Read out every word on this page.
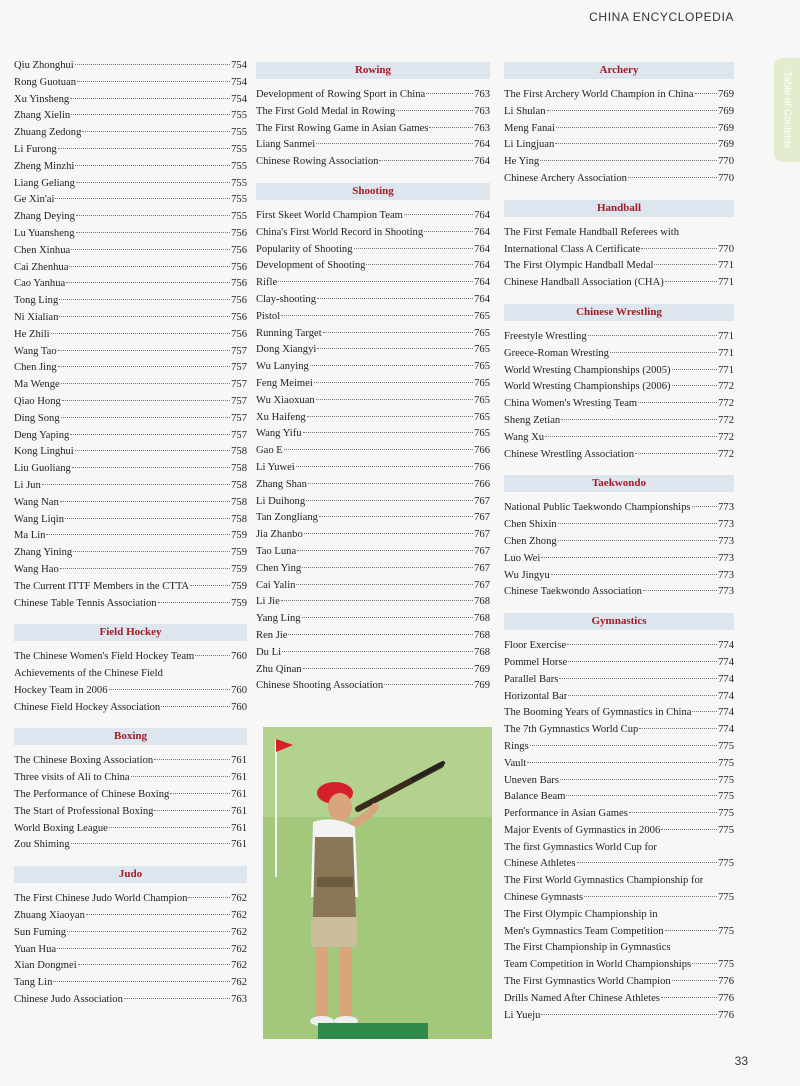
CHINA ENCYCLOPEDIA
Table of Contents
Qiu Zhonghui	754
Rong Guotuan	754
Xu Yinsheng	754
Zhang Xielin	755
Zhuang Zedong	755
Li Furong	755
Zheng Minzhi	755
Liang Geliang	755
Ge Xin'ai	755
Zhang Deying	755
Lu Yuansheng	756
Chen Xinhua	756
Cai Zhenhua	756
Cao Yanhua	756
Tong Ling	756
Ni Xialian	756
He Zhili	756
Wang Tao	757
Chen Jing	757
Ma Wenge	757
Qiao Hong	757
Ding Song	757
Deng Yaping	757
Kong Linghui	758
Liu Guoliang	758
Li Jun	758
Wang Nan	758
Wang Liqin	758
Ma Lin	759
Zhang Yining	759
Wang Hao	759
The Current ITTF Members in the CTTA	759
Chinese Table Tennis Association	759
Field Hockey
The Chinese Women's Field Hockey Team	760
Achievements of the Chinese Field
Hockey Team in 2006	760
Chinese Field Hockey Association	760
Boxing
The Chinese Boxing Association	761
Three visits of Ali to China	761
The Performance of Chinese Boxing	761
The Start of Professional Boxing	761
World Boxing League	761
Zou Shiming	761
Judo
The First Chinese Judo World Champion	762
Zhuang Xiaoyan	762
Sun Fuming	762
Yuan Hua	762
Xian Dongmei	762
Tang Lin	762
Chinese Judo Association	763
Rowing
Development of Rowing Sport in China	763
The First Gold Medal in Rowing	763
The First Rowing Game in Asian Games	763
Liang Sanmei	764
Chinese Rowing Association	764
Shooting
First Skeet World Champion Team	764
China's First World Record in Shooting	764
Popularity of Shooting	764
Development of Shooting	764
Rifle	764
Clay-shooting	764
Pistol	765
Running Target	765
Dong Xiangyi	765
Wu Lanying	765
Feng Meimei	765
Wu Xiaoxuan	765
Xu Haifeng	765
Wang Yifu	765
Gao E	766
Li Yuwei	766
Zhang Shan	766
Li Duihong	767
Tan Zongliang	767
Jia Zhanbo	767
Tao Luna	767
Chen Ying	767
Cai Yalin	767
Li Jie	768
Yang Ling	768
Ren Jie	768
Du Li	768
Zhu Qinan	769
Chinese Shooting Association	769
Archery
The First Archery World Champion in China 769
Li Shulan	769
Meng Fanai	769
Li Lingjuan	769
He Ying	770
Chinese Archery Association	770
Handball
The First Female Handball Referees with
International Class A Certificate	770
The First Olympic Handball Medal	771
Chinese Handball Association (CHA)	771
Chinese Wrestling
Freestyle Wrestling	771
Greece-Roman Wresting	771
World Wresting Championships (2005)	771
World Wresting Championships (2006)	772
China Women's Wresting Team	772
Sheng Zetian	772
Wang Xu	772
Chinese Wrestling Association	772
Taekwondo
National Public Taekwondo Championships	773
Chen Shixin	773
Chen Zhong	773
Luo Wei	773
Wu Jingyu	773
Chinese Taekwondo Association	773
Gymnastics
Floor Exercise	774
Pommel Horse	774
Parallel Bars	774
Horizontal Bar	774
The Booming Years of Gymnastics in China	774
The 7th Gymnastics World Cup	774
Rings	775
Vault	775
Uneven Bars	775
Balance Beam	775
Performance in Asian Games	775
Major Events of Gymnastics in 2006	775
The first Gymnastics World Cup for
Chinese Athletes	775
The First World Gymnastics Championship for
Chinese Gymnasts	775
The First Olympic Championship in
Men's Gymnastics Team Competition	775
The First Championship in Gymnastics
Team Competition in World Championships	775
The First Gymnastics World Champion	776
Drills Named After Chinese Athletes	776
Li Yueju	776
33
